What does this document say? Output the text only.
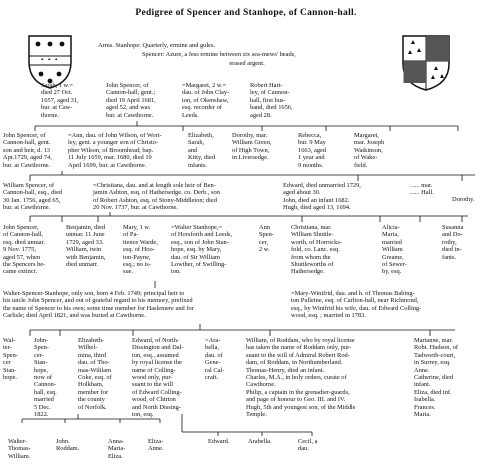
Pedigree of Spencer and Stanhope, of Cannon-hall.
Arms. Stanhope: Quarterly, ermine and gules.
Spencer: Azure, a fess ermine between six sea-mews' heads,
erased argent.
Sarah, 1 w.=
died 27 Oct.
1657, aged 31,
bur. at Caw-
thorne.
John Spencer, of
Cannon-hall, gent.;
died 19 April 1681,
aged 52, and was
bur. at Cawthorne.
=Margaret, 2 w.=
dau. of John Clay-
ton, of Okenshaw,
esq. recorder of
Leeds.
Robert Hart-
ley, of Cannon-
hall, first hus-
band, died 1656,
aged 28.
John Spencer, of
Cannon-hall, gent.
son and heir, d. 13
Apr.1729, aged 74,
bur. at Cawthorne.
=Ann, dau. of John Wilson, of Wort-
ley, gent. a younger son of Christo-
pher Wilson, of Broomhead; bap.
11 July 1659, mar. 1680, died 19
April 1699, bur. at Cawthorne.
Elizabeth,
Sarah,
and
Kitty, died
infants.
Dorothy, mar.
William Green,
of High Town,
in Liversedge.
Rebecca,
bur. 9 May
1663, aged
1 year and
9 months.
Margaret,
mar. Joseph
Watkinson,
of Wake-
field.
William Spencer, of
Cannon-hall, esq., died
30 Jan. 1756, aged 65,
bur. at Cawthorne.
=Christiana, dau. and at length sole heir of Ben-
jamin Ashton, esq. of Hathersedge. co. Derb., son
of Robert Ashton, esq. of Stony-Middleton; died
20 Nov. 1737, bur. at Cawthorne.
Edward, died unmarried 1729,
aged about 30.
John, died an infant 1682.
Hugh, died aged 13, 1694.
...... mar.
...... Hall.
Dorothy.
John Spencer,
of Cannon-hall,
esq. died unmar.
9 Nov. 1775,
aged 57, when
the Spencers be-
came extinct.
Benjamin, died
unmar. 11 June
1729, aged 33.
William, twin
with Benjamin,
died unmarr.
Mary, 1 w.
of Pa-
tience Warde,
esq. of Hoo-
ton-Payne,
esq.; no is-
sue.
=Walter Stanhope,=
of Horsforth and Leeds,
esq., son of John Stan-
hope, esq. by Mary,
dau. of Sir William
Lowther, of Swilling-
ton.
Ann
Spen-
cer,
2 w.
Christiana, mar.
William Shuttle-
worth, of Horrocks-
fold, co. Lanc. esq.
from whom the
Shuttleworths of
Hathersedge.
Alicia-
Maria,
married
William
Greame,
of Sewer-
by, esq.
Susanna
and Do-
rothy,
died in-
fants.
Walter-Spencer-Stanhope, only son, born 4 Feb. 1749; principal heir to
his uncle John Spencer, and out of grateful regard to his memory, prefixed
the name of Spencer to his own; some time member for Haslemere and for
Carlisle; died April 1821, and was buried at Cawthorne.
=Mary-Winifrid, dau. and h. of Thomas Babing-
ton Pulleine, esq. of Carlton-hall, near Richmond,
esq., by Winifrid his wife, dau. of Edward Colling-
wood, esq. ; married in 1783.
Wal-
ter-
Spen-
cer
Stan-
hope.
John-
Spen-
cer-
Stan-
hope,
now of
Cannon-
hall, esq.
married
5 Dec.
1822.
Elizabeth-
Wilhel-
mina, third
dau. of Tho-
mas-Wililam
Coke, esq. of
Holkham,
member for
the county
of Norfolk.
Edward, of North-
Dissington and Dal-
ton, esq., assumed
by royal license the
name of Colling-
wood only, pur-
suant to the will
of Edward Colling-
wood, of Chirton
and North Dissing-
ton, esq.
=Ara-
bella,
dau. of
Gene-
ral Cal-
craft.
William, of Roddam, who by royal license
has taken the name of Roddam only, pur-
suant to the will of Admiral Robert Rod-
dam, of Roddam, in Northumberland.
Thomas-Henry, died an infant.
Charles, M.A., in holy orders, curate of
Cawthorne.
Philip, a captain in the grenadier-guards,
and page of honour to Geo. III. and IV.
Hugh, 5th and youngest son, of the Middle
Temple.
Marianne, mar.
Robt. Hudson, of
Tadworth-court,
in Surrey, esq.
Anne.
Catherine, died
infant.
Eliza, died inf.
Isabella.
Frances.
Maria.
Walter-
Thomas-
William.
John.
Roddam.
Anna-
Maria-
Eliza.
Eliza-
Anne.
Edward.	Arabella.	Cecil, a
dau.
